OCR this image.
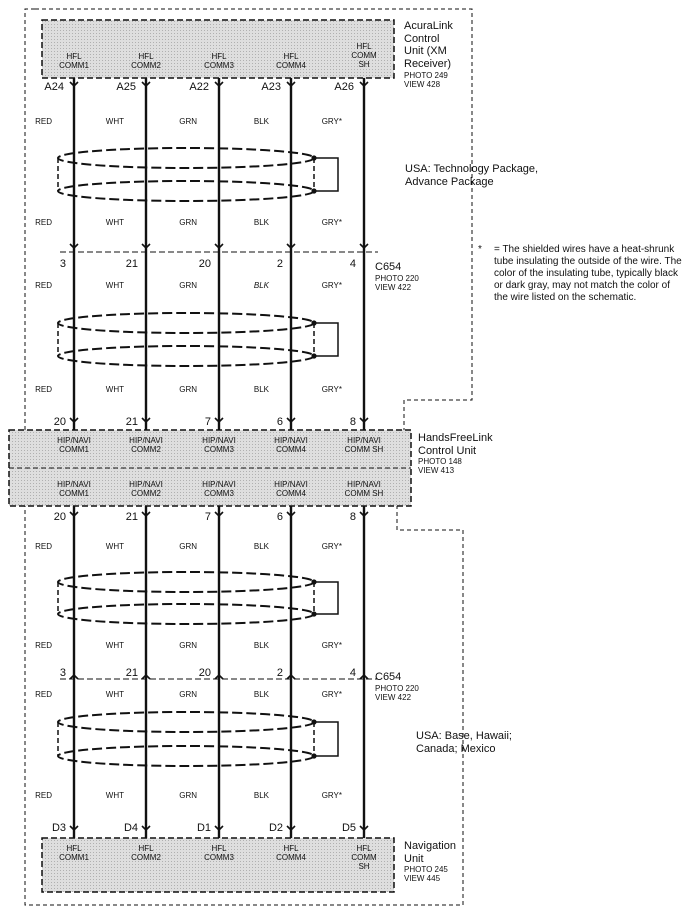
HFL
COMM1
A24
RED
RED
RED
RED
RED
RED
RED
RED
3
3
20
20
HIP/NAVI
HIP/NAVI
COMM1
COMM1
D3
HFL
COMM1
HFL
COMM2
A25
WHT
WHT
WHT
WHT
WHT
WHT
WHT
WHT
21
21
21
21
HIP/NAVI
HIP/NAVI
COMM2
COMM2
D4
HFL
COMM2
HFL
COMM3
A22
GRN
GRN
GRN
GRN
GRN
GRN
GRN
GRN
20
20
7
7
HIP/NAVI
HIP/NAVI
COMM3
COMM3
D1
HFL
COMM3
HFL
COMM4
A23
BLK
BLK
BLK
BLK
BLK
BLK
BLK
BLK
2
2
6
6
HIP/NAVI
HIP/NAVI
COMM4
COMM4
D2
HFL
COMM4
HFL
COMM
SH
A26
GRY*
GRY*
GRY*
GRY*
GRY*
GRY*
GRY*
GRY*
4
4
8
8
HIP/NAVI
HIP/NAVI
COMM SH
COMM SH
D5
HFL
COMM
SH
AcuraLink
Control
Unit (XM
Receiver)
PHOTO 249
VIEW 428
HandsFreeLink
Control Unit
PHOTO 148
VIEW 413
Navigation
Unit
PHOTO 245
VIEW 445
C654
PHOTO 220
VIEW 422
C654
PHOTO 220
VIEW 422
USA: Technology Package,
Advance Package
USA: Base, Hawaii;
Canada; Mexico
* = The shielded wires have a heat-shrunk tube insulating the outside of the wire. The color of the insulating tube, typically black or dark gray, may not match the color of the wire listed on the schematic.
